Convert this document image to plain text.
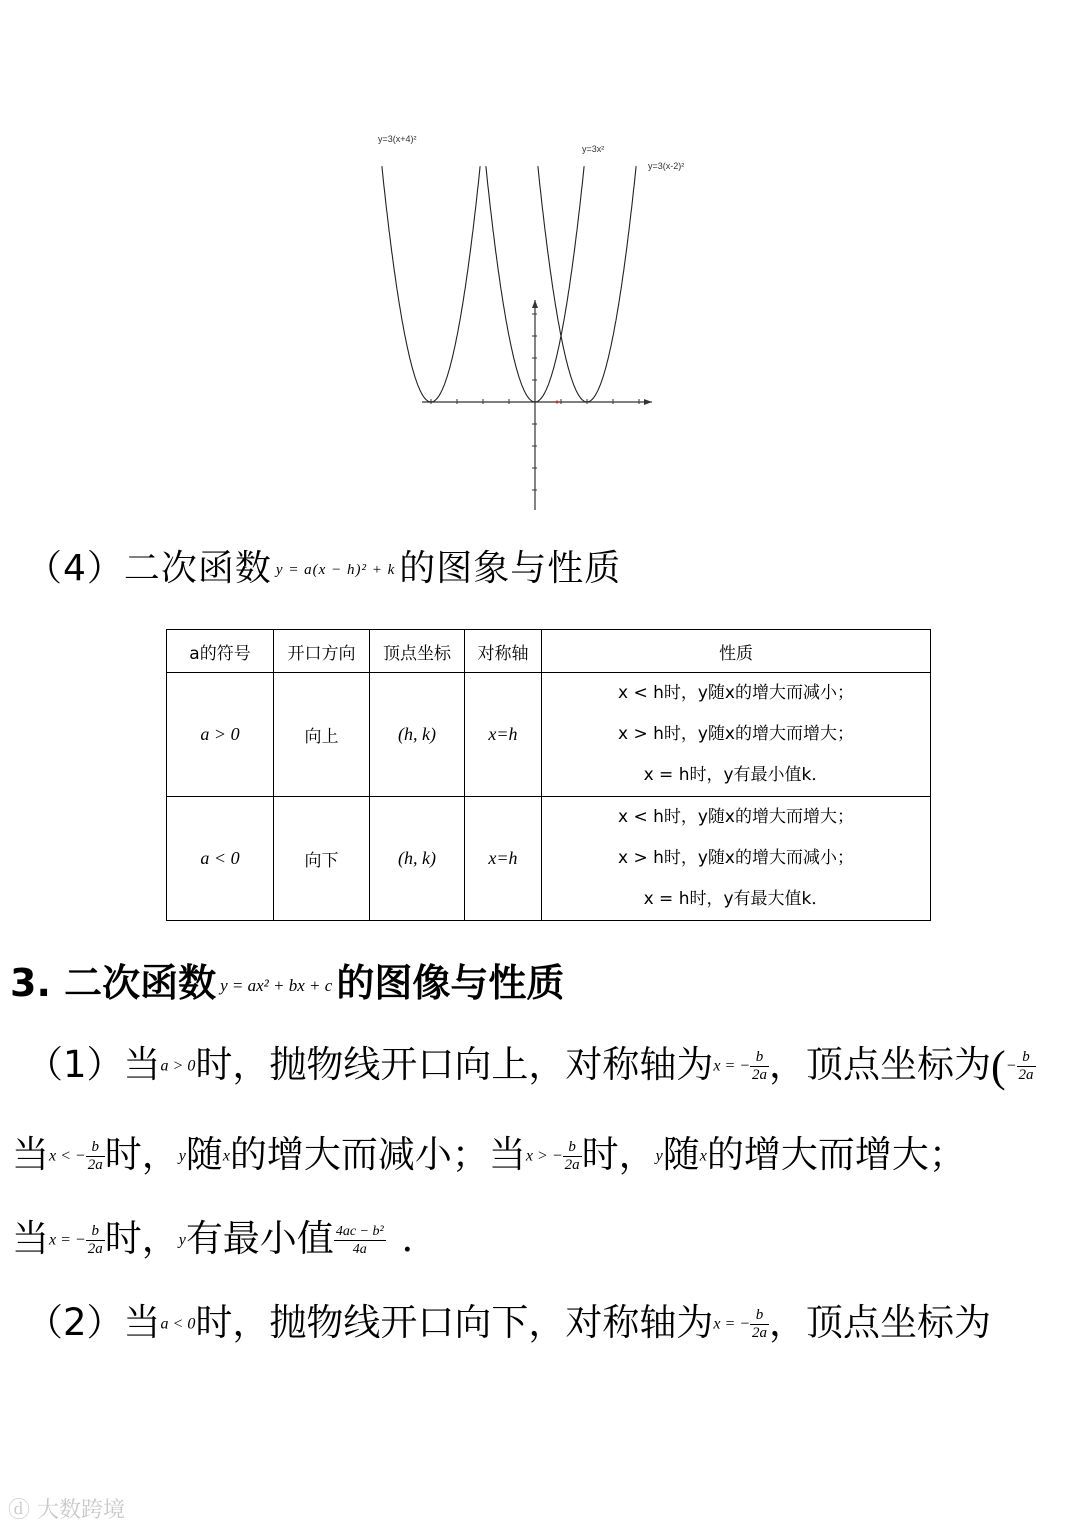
y=3(x+4)²
y=3x²
y=3(x-2)²
（4）二次函数 y = a(x − h)² + k 的图象与性质
a的符号	开口方向	顶点坐标	对称轴	性质
a > 0	向上	(h, k)	x=h	x < h时，y随x的增大而减小；
x > h时，y随x的增大而增大；
x = h时，y有最小值k．

a < 0	向下	(h, k)	x=h	x < h时，y随x的增大而增大；
x > h时，y随x的增大而减小；
x = h时，y有最大值k．
3. 二次函数 y = ax² + bx + c 的图像与性质
（1）当a > 0时，抛物线开口向上，对称轴为x = − $\frac{b}{2a}$ ，顶点坐标为(− $\frac{b}{2a}$
当x < − $\frac{b}{2a}$ 时，y随x的增大而减小；当x > − $\frac{b}{2a}$ 时，y随x的增大而增大；
当x = − $\frac{b}{2a}$ 时，y有最小值 $\frac{\text{4ac − b²}}{4a}$ ．
（2）当a < 0时，抛物线开口向下，对称轴为x = − $\frac{b}{2a}$ ，顶点坐标为
ⓓ 大数跨境
